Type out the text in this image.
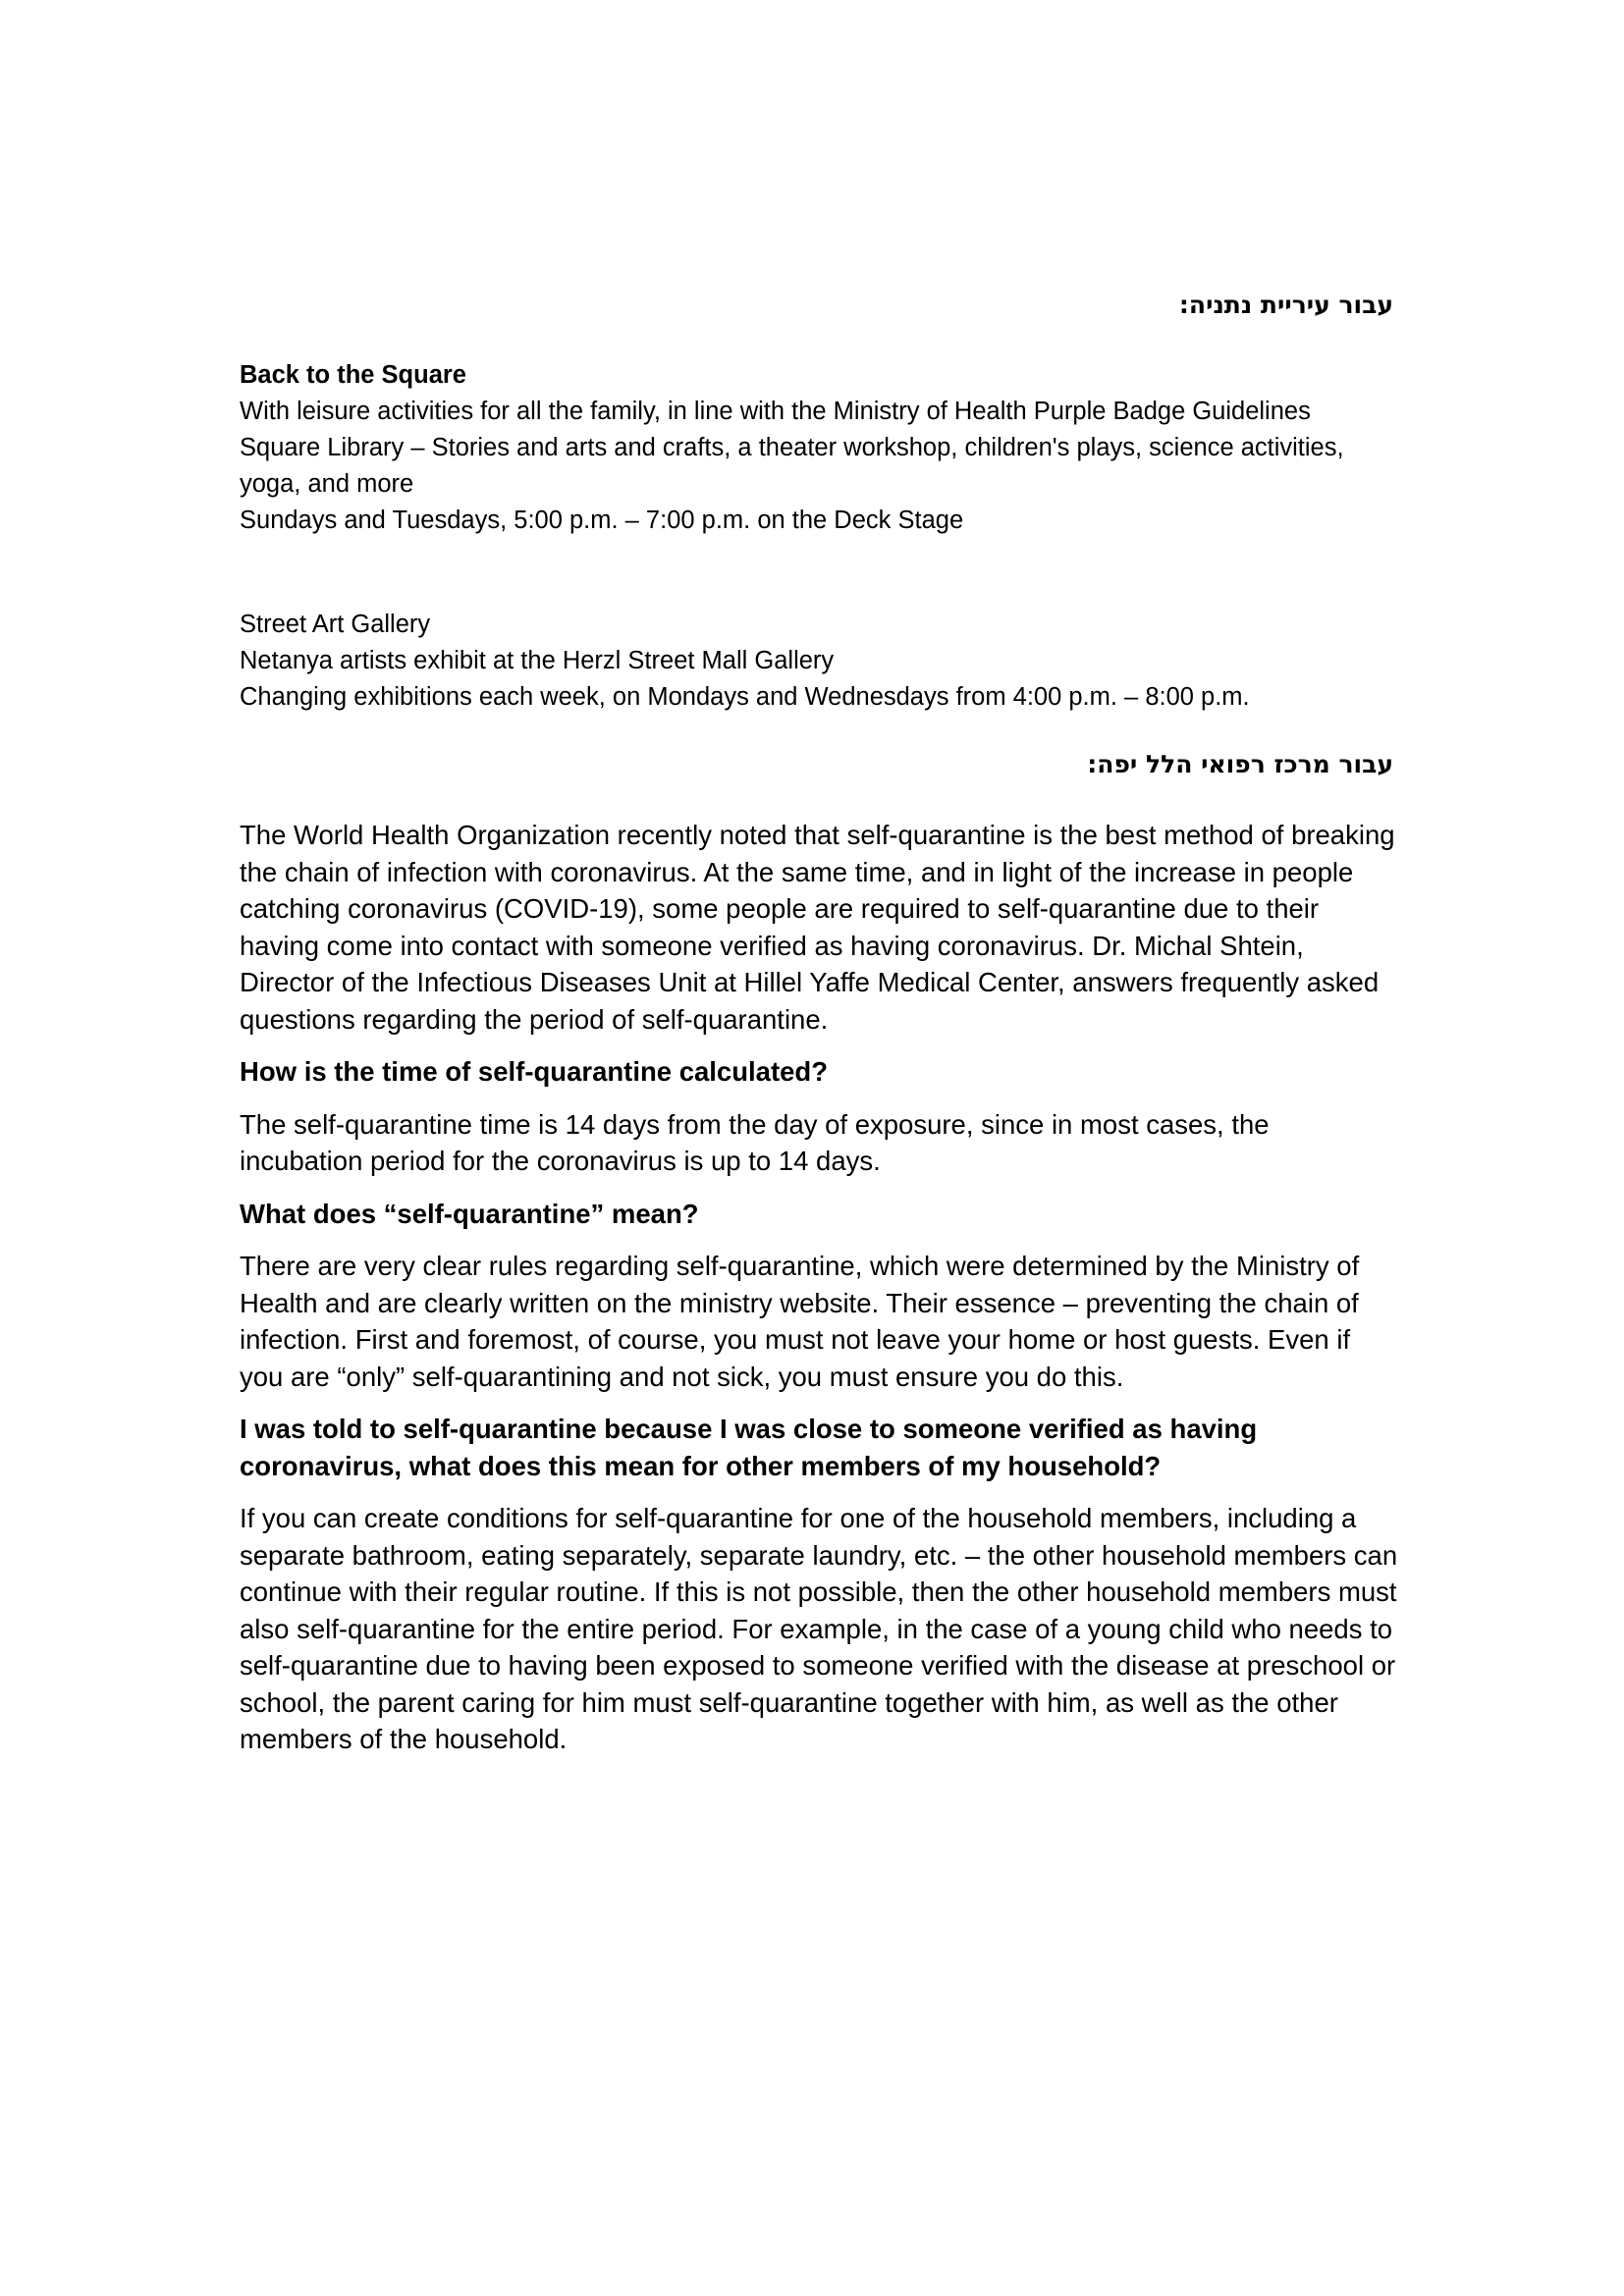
עבור עיריית נתניה:

Back to the Square

With leisure activities for all the family, in line with the Ministry of Health Purple Badge Guidelines

Square Library – Stories and arts and crafts, a theater workshop, children's plays, science activities, yoga, and more

Sundays and Tuesdays, 5:00 p.m. – 7:00 p.m. on the Deck Stage

Street Art Gallery

Netanya artists exhibit at the Herzl Street Mall Gallery

Changing exhibitions each week, on Mondays and Wednesdays from 4:00 p.m. – 8:00 p.m.

עבור מרכז רפואי הלל יפה:

The World Health Organization recently noted that self-quarantine is the best method of breaking the chain of infection with coronavirus. At the same time, and in light of the increase in people catching coronavirus (COVID-19), some people are required to self-quarantine due to their having come into contact with someone verified as having coronavirus. Dr. Michal Shtein, Director of the Infectious Diseases Unit at Hillel Yaffe Medical Center, answers frequently asked questions regarding the period of self-quarantine.

How is the time of self-quarantine calculated?

The self-quarantine time is 14 days from the day of exposure, since in most cases, the incubation period for the coronavirus is up to 14 days.

What does “self-quarantine” mean?

There are very clear rules regarding self-quarantine, which were determined by the Ministry of Health and are clearly written on the ministry website. Their essence – preventing the chain of infection. First and foremost, of course, you must not leave your home or host guests. Even if you are “only” self-quarantining and not sick, you must ensure you do this.

I was told to self-quarantine because I was close to someone verified as having coronavirus, what does this mean for other members of my household?

If you can create conditions for self-quarantine for one of the household members, including a separate bathroom, eating separately, separate laundry, etc. – the other household members can continue with their regular routine. If this is not possible, then the other household members must also self-quarantine for the entire period. For example, in the case of a young child who needs to self-quarantine due to having been exposed to someone verified with the disease at preschool or school, the parent caring for him must self-quarantine together with him, as well as the other members of the household.
